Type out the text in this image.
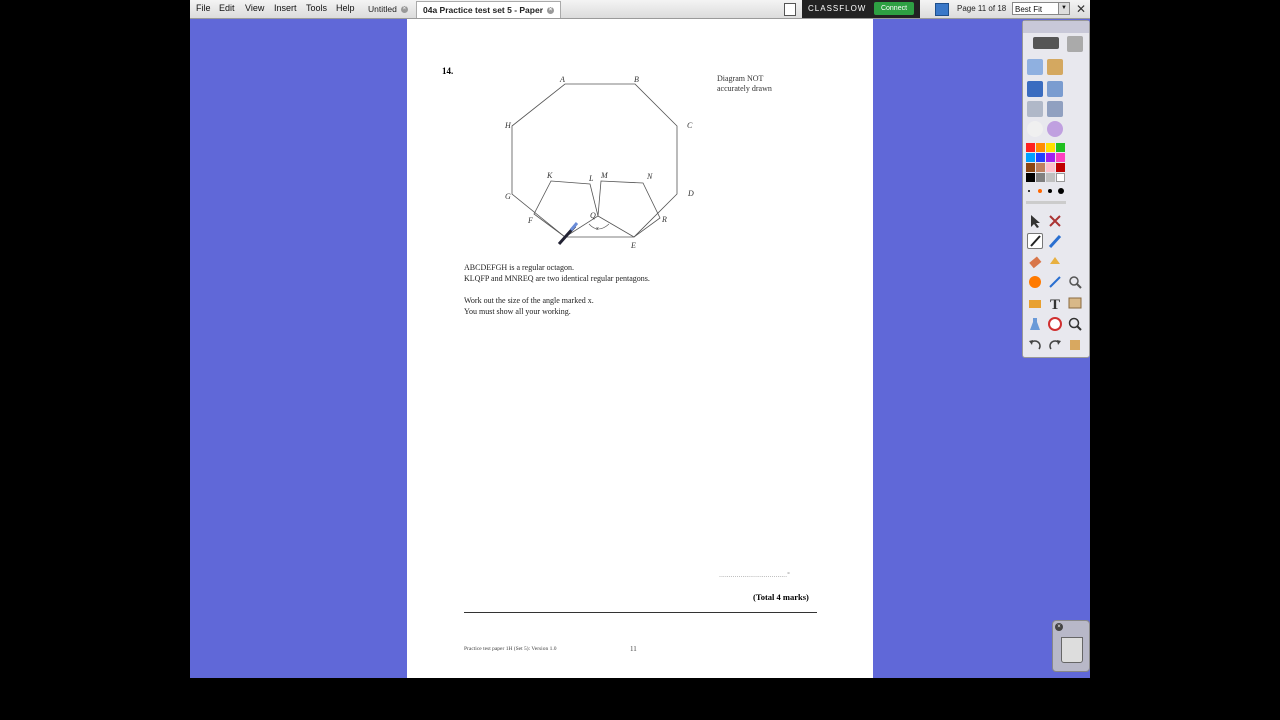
File Edit View Insert Tools Help	Untitled ×	04a Practice test set 5 - Paper ×	CLASSFLOW	Connect	Page 11 of 18	Best Fit	▼ ✕
14.
A	B
C
D
E
F
G
H
K	L M	N
Q	R
x
Diagram NOT
accurately drawn
ABCDEFGH is a regular octagon.
KLQFP and MNREQ are two identical regular pentagons.
Work out the size of the angle marked x.
You must show all your working.
...................................°
(Total 4 marks)
Practice test paper 1H (Set 5): Version 1.0	11
T
×
